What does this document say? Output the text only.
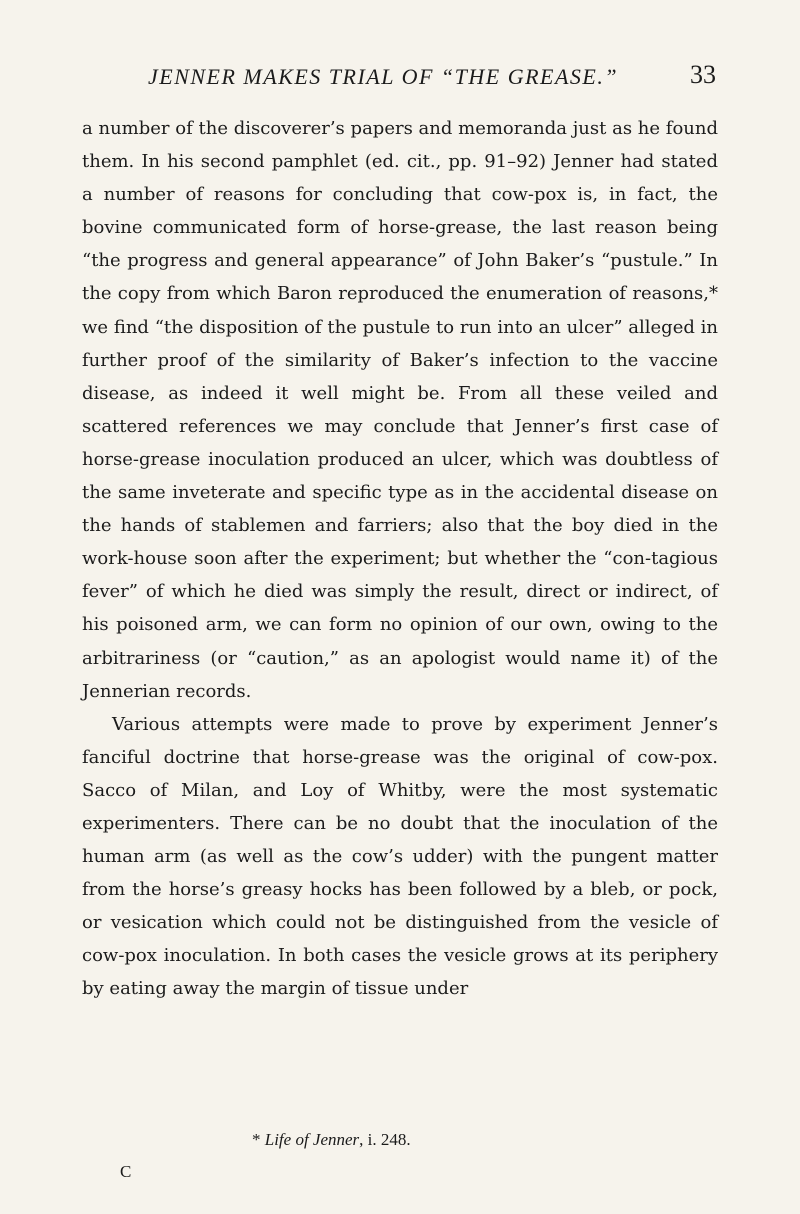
JENNER MAKES TRIAL OF “THE GREASE.”	33

a number of the discoverer’s papers and memoranda just as he found them. In his second pamphlet (ed. cit., pp. 91–92) Jenner had stated a number of reasons for concluding that cow-pox is, in fact, the bovine communicated form of horse-grease, the last reason being “the progress and general appearance” of John Baker’s “pustule.” In the copy from which Baron reproduced the enumeration of reasons,* we find “the disposition of the pustule to run into an ulcer” alleged in further proof of the similarity of Baker’s infection to the vaccine disease, as indeed it well might be. From all these veiled and scattered references we may conclude that Jenner’s first case of horse-grease inoculation produced an ulcer, which was doubtless of the same inveterate and specific type as in the accidental disease on the hands of stablemen and farriers; also that the boy died in the work-house soon after the experiment; but whether the “con-tagious fever” of which he died was simply the result, direct or indirect, of his poisoned arm, we can form no opinion of our own, owing to the arbitrariness (or “caution,” as an apologist would name it) of the Jennerian records.

Various attempts were made to prove by experiment Jenner’s fanciful doctrine that horse-grease was the original of cow-pox. Sacco of Milan, and Loy of Whitby, were the most systematic experimenters. There can be no doubt that the inoculation of the human arm (as well as the cow’s udder) with the pungent matter from the horse’s greasy hocks has been followed by a bleb, or pock, or vesication which could not be distinguished from the vesicle of cow-pox inoculation. In both cases the vesicle grows at its periphery by eating away the margin of tissue under

* Life of Jenner, i. 248.
C
